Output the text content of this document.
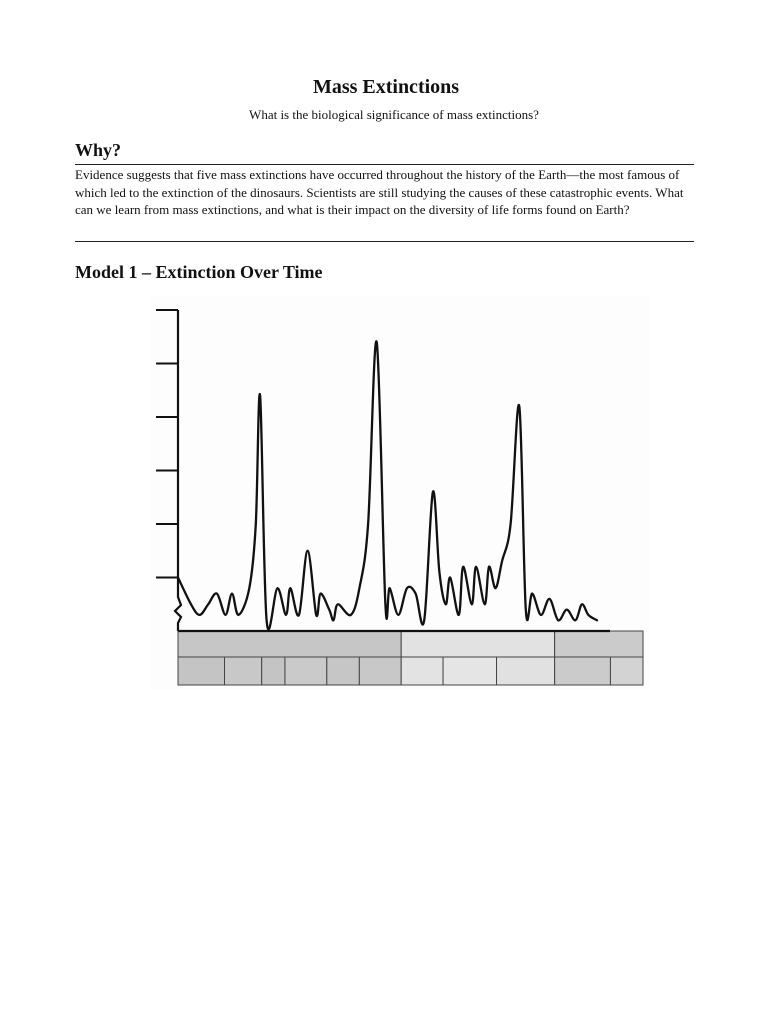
Mass Extinctions
What is the biological significance of mass extinctions?
Why?
Evidence suggests that five mass extinctions have occurred throughout the history of the Earth—the most famous of which led to the extinction of the dinosaurs. Scientists are still studying the causes of these catastrophic events. What can we learn from mass extinctions, and what is their impact on the diversity of life forms found on Earth?
Model 1 – Extinction Over Time
